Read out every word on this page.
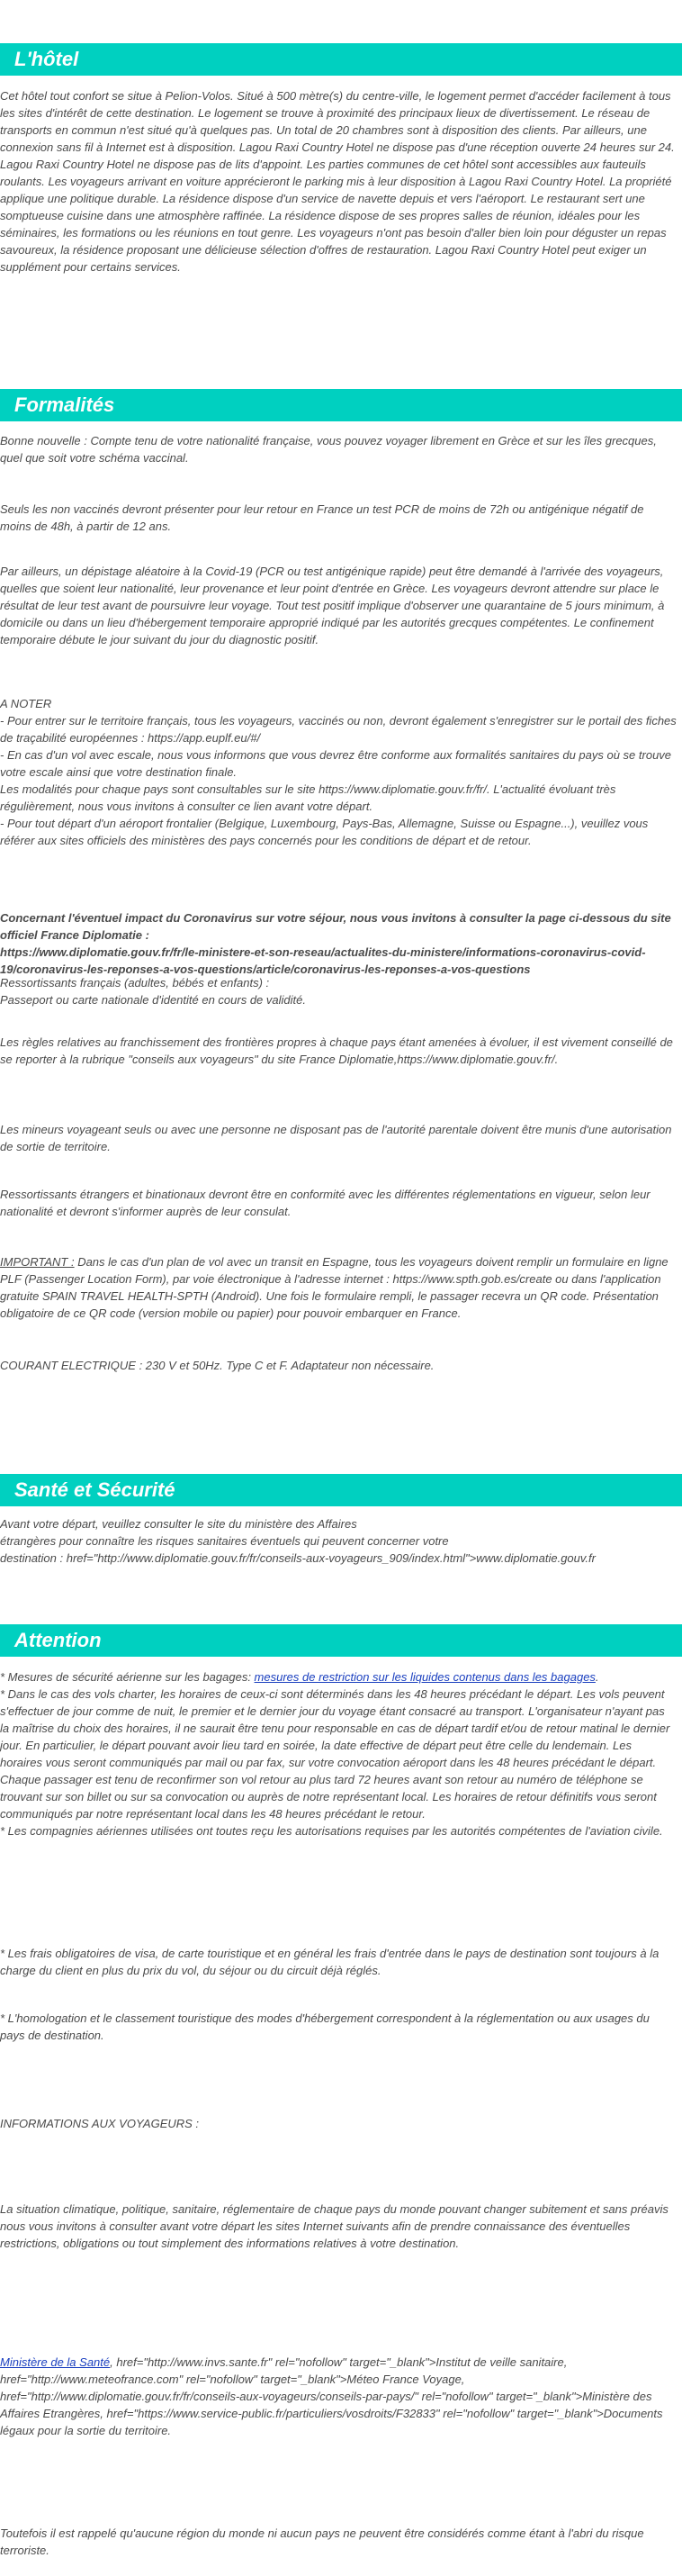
L'hôtel
Cet hôtel tout confort se situe à Pelion-Volos. Situé à 500 mètre(s) du centre-ville, le logement permet d'accéder facilement à tous les sites d'intérêt de cette destination. Le logement se trouve à proximité des principaux lieux de divertissement. Le réseau de transports en commun n'est situé qu'à quelques pas. Un total de 20 chambres sont à disposition des clients. Par ailleurs, une connexion sans fil à Internet est à disposition. Lagou Raxi Country Hotel ne dispose pas d'une réception ouverte 24 heures sur 24. Lagou Raxi Country Hotel ne dispose pas de lits d'appoint. Les parties communes de cet hôtel sont accessibles aux fauteuils roulants. Les voyageurs arrivant en voiture apprécieront le parking mis à leur disposition à Lagou Raxi Country Hotel. La propriété applique une politique durable. La résidence dispose d'un service de navette depuis et vers l'aéroport. Le restaurant sert une somptueuse cuisine dans une atmosphère raffinée. La résidence dispose de ses propres salles de réunion, idéales pour les séminaires, les formations ou les réunions en tout genre. Les voyageurs n'ont pas besoin d'aller bien loin pour déguster un repas savoureux, la résidence proposant une délicieuse sélection d'offres de restauration. Lagou Raxi Country Hotel peut exiger un supplément pour certains services.
Formalités
Bonne nouvelle : Compte tenu de votre nationalité française, vous pouvez voyager librement en Grèce et sur les îles grecques, quel que soit votre schéma vaccinal.
Seuls les non vaccinés devront présenter pour leur retour en France un test PCR de moins de 72h ou antigénique négatif de moins de 48h, à partir de 12 ans.
Par ailleurs, un dépistage aléatoire à la Covid-19 (PCR ou test antigénique rapide) peut être demandé à l'arrivée des voyageurs, quelles que soient leur nationalité, leur provenance et leur point d'entrée en Grèce. Les voyageurs devront attendre sur place le résultat de leur test avant de poursuivre leur voyage. Tout test positif implique d'observer une quarantaine de 5 jours minimum, à domicile ou dans un lieu d'hébergement temporaire approprié indiqué par les autorités grecques compétentes. Le confinement temporaire débute le jour suivant du jour du diagnostic positif.
A NOTER
- Pour entrer sur le territoire français, tous les voyageurs, vaccinés ou non, devront également s'enregistrer sur le portail des fiches de traçabilité européennes : https://app.euplf.eu/#/
- En cas d'un vol avec escale, nous vous informons que vous devrez être conforme aux formalités sanitaires du pays où se trouve votre escale ainsi que votre destination finale.
Les modalités pour chaque pays sont consultables sur le site https://www.diplomatie.gouv.fr/fr/. L'actualité évoluant très régulièrement, nous vous invitons à consulter ce lien avant votre départ.
- Pour tout départ d'un aéroport frontalier (Belgique, Luxembourg, Pays-Bas, Allemagne, Suisse ou Espagne...), veuillez vous référer aux sites officiels des ministères des pays concernés pour les conditions de départ et de retour.
Concernant l'éventuel impact du Coronavirus sur votre séjour, nous vous invitons à consulter la page ci-dessous du site officiel France Diplomatie :
https://www.diplomatie.gouv.fr/fr/le-ministere-et-son-reseau/actualites-du-ministere/informations-coronavirus-covid-19/coronavirus-les-reponses-a-vos-questions/article/coronavirus-les-reponses-a-vos-questions
Ressortissants français (adultes, bébés et enfants) :
Passeport ou carte nationale d'identité en cours de validité.
Les règles relatives au franchissement des frontières propres à chaque pays étant amenées à évoluer, il est vivement conseillé de se reporter à la rubrique "conseils aux voyageurs" du site France Diplomatie,https://www.diplomatie.gouv.fr/.
Les mineurs voyageant seuls ou avec une personne ne disposant pas de l'autorité parentale doivent être munis d'une autorisation de sortie de territoire.
Ressortissants étrangers et binationaux devront être en conformité avec les différentes réglementations en vigueur, selon leur nationalité et devront s'informer auprès de leur consulat.
IMPORTANT : Dans le cas d'un plan de vol avec un transit en Espagne, tous les voyageurs doivent remplir un formulaire en ligne PLF (Passenger Location Form), par voie électronique à l'adresse internet : https://www.spth.gob.es/create ou dans l'application gratuite SPAIN TRAVEL HEALTH-SPTH (Android). Une fois le formulaire rempli, le passager recevra un QR code. Présentation obligatoire de ce QR code (version mobile ou papier) pour pouvoir embarquer en France.
COURANT ELECTRIQUE : 230 V et 50Hz. Type C et F. Adaptateur non nécessaire.
Santé et Sécurité
Avant votre départ, veuillez consulter le site du ministère des Affaires
étrangères pour connaître les risques sanitaires éventuels qui peuvent concerner votre
destination : href="http://www.diplomatie.gouv.fr/fr/conseils-aux-voyageurs_909/index.html">www.diplomatie.gouv.fr
Attention
* Mesures de sécurité aérienne sur les bagages: mesures de restriction sur les liquides contenus dans les bagages.
* Dans le cas des vols charter, les horaires de ceux-ci sont déterminés dans les 48 heures précédant le départ. Les vols peuvent s'effectuer de jour comme de nuit, le premier et le dernier jour du voyage étant consacré au transport. L'organisateur n'ayant pas la maîtrise du choix des horaires, il ne saurait être tenu pour responsable en cas de départ tardif et/ou de retour matinal le dernier jour. En particulier, le départ pouvant avoir lieu tard en soirée, la date effective de départ peut être celle du lendemain. Les horaires vous seront communiqués par mail ou par fax, sur votre convocation aéroport dans les 48 heures précédant le départ. Chaque passager est tenu de reconfirmer son vol retour au plus tard 72 heures avant son retour au numéro de téléphone se trouvant sur son billet ou sur sa convocation ou auprès de notre représentant local. Les horaires de retour définitifs vous seront communiqués par notre représentant local dans les 48 heures précédant le retour.
* Les compagnies aériennes utilisées ont toutes reçu les autorisations requises par les autorités compétentes de l'aviation civile.
* Les frais obligatoires de visa, de carte touristique et en général les frais d'entrée dans le pays de destination sont toujours à la charge du client en plus du prix du vol, du séjour ou du circuit déjà réglés.
* L'homologation et le classement touristique des modes d'hébergement correspondent à la réglementation ou aux usages du pays de destination.
INFORMATIONS AUX VOYAGEURS :
La situation climatique, politique, sanitaire, réglementaire de chaque pays du monde pouvant changer subitement et sans préavis
nous vous invitons à consulter avant votre départ les sites Internet suivants afin de prendre connaissance des éventuelles restrictions, obligations ou tout simplement des informations relatives à votre destination.
Ministère de la Santé, href="http://www.invs.sante.fr" rel="nofollow" target="_blank">Institut de veille sanitaire, href="http://www.meteofrance.com" rel="nofollow" target="_blank">Méteo France Voyage, href="http://www.diplomatie.gouv.fr/fr/conseils-aux-voyageurs/conseils-par-pays/" rel="nofollow" target="_blank">Ministère des Affaires Etrangères, href="https://www.service-public.fr/particuliers/vosdroits/F32833" rel="nofollow" target="_blank">Documents légaux pour la sortie du territoire.
Toutefois il est rappelé qu'aucune région du monde ni aucun pays ne peuvent être considérés comme étant à l'abri du risque terroriste.
